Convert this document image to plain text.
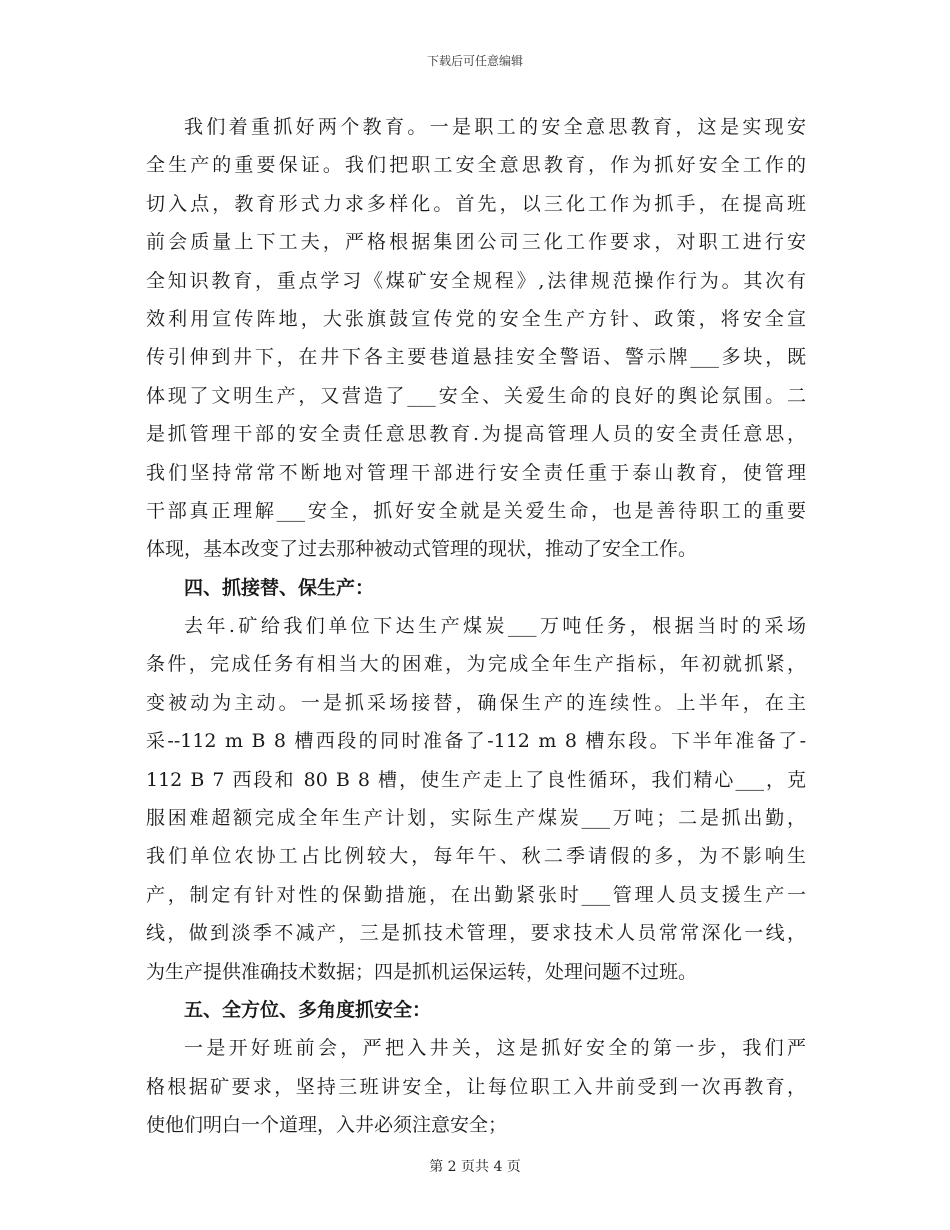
下载后可任意编辑
我们着重抓好两个教育。一是职工的安全意思教育，这是实现安
全生产的重要保证。我们把职工安全意思教育，作为抓好安全工作的
切入点，教育形式力求多样化。首先，以三化工作为抓手，在提高班
前会质量上下工夫，严格根据集团公司三化工作要求，对职工进行安
全知识教育，重点学习《煤矿安全规程》,法律规范操作行为。其次有
效利用宣传阵地，大张旗鼓宣传党的安全生产方针、政策，将安全宣
传引伸到井下，在井下各主要巷道悬挂安全警语、警示牌___多块，既
体现了文明生产，又营造了___安全、关爱生命的良好的舆论氛围。二
是抓管理干部的安全责任意思教育.为提高管理人员的安全责任意思，
我们坚持常常不断地对管理干部进行安全责任重于泰山教育，使管理
干部真正理解___安全，抓好安全就是关爱生命，也是善待职工的重要
体现，基本改变了过去那种被动式管理的现状，推动了安全工作。
四、抓接替、保生产：
去年.矿给我们单位下达生产煤炭___万吨任务，根据当时的采场
条件，完成任务有相当大的困难，为完成全年生产指标，年初就抓紧，
变被动为主动。一是抓采场接替，确保生产的连续性。上半年，在主
采--112 m B 8 槽西段的同时准备了-112 m 8 槽东段。下半年准备了-
112 B 7 西段和 80 B 8 槽，使生产走上了良性循环，我们精心___，克
服困难超额完成全年生产计划，实际生产煤炭___万吨；二是抓出勤，
我们单位农协工占比例较大，每年午、秋二季请假的多，为不影响生
产，制定有针对性的保勤措施，在出勤紧张时___管理人员支援生产一
线，做到淡季不减产，三是抓技术管理，要求技术人员常常深化一线，
为生产提供准确技术数据；四是抓机运保运转，处理问题不过班。
五、全方位、多角度抓安全：
一是开好班前会，严把入井关，这是抓好安全的第一步，我们严
格根据矿要求，坚持三班讲安全，让每位职工入井前受到一次再教育，
使他们明白一个道理，入井必须注意安全；
第 2 页共 4 页
